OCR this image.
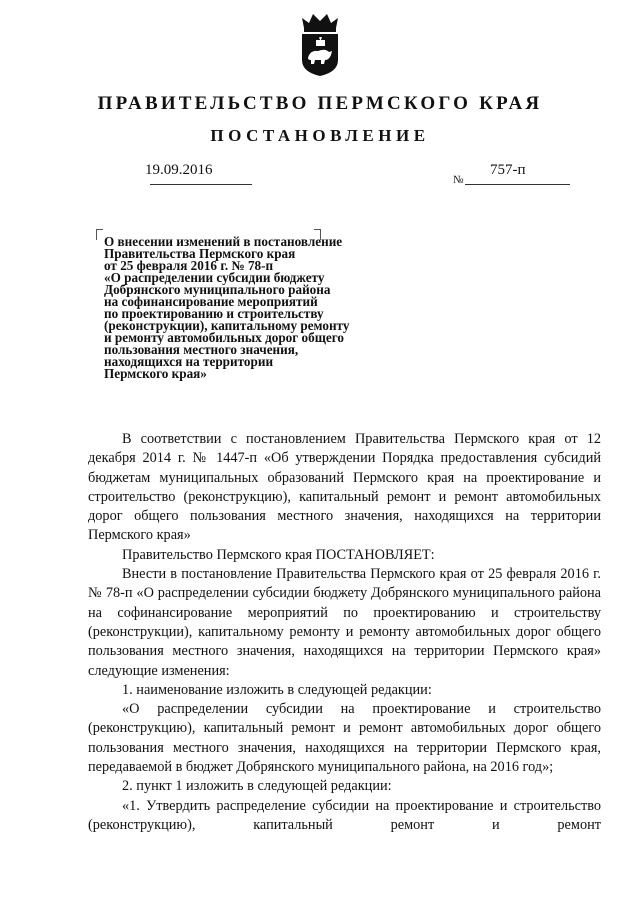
ПРАВИТЕЛЬСТВО ПЕРМСКОГО КРАЯ
ПОСТАНОВЛЕНИЕ
19.09.2016
№
757-п
О внесении изменений в постановление
Правительства Пермского края
от 25 февраля 2016 г. № 78-п
«О распределении субсидии бюджету
Добрянского муниципального района
на софинансирование мероприятий
по проектированию и строительству
(реконструкции), капитальному ремонту
и ремонту автомобильных дорог общего
пользования местного значения,
находящихся на территории
Пермского края»

В соответствии с постановлением Правительства Пермского края от 12 декабря 2014 г. № 1447-п «Об утверждении Порядка предоставления субсидий бюджетам муниципальных образований Пермского края на проектирование и строительство (реконструкцию), капитальный ремонт и ремонт автомобильных дорог общего пользования местного значения, находящихся на территории Пермского края»

Правительство Пермского края ПОСТАНОВЛЯЕТ:

Внести в постановление Правительства Пермского края от 25 февраля 2016 г. № 78-п «О распределении субсидии бюджету Добрянского муниципального района на софинансирование мероприятий по проектированию и строительству (реконструкции), капитальному ремонту и ремонту автомобильных дорог общего пользования местного значения, находящихся на территории Пермского края» следующие изменения:

1. наименование изложить в следующей редакции:

«О распределении субсидии на проектирование и строительство (реконструкцию), капитальный ремонт и ремонт автомобильных дорог общего пользования местного значения, находящихся на территории Пермского края, передаваемой в бюджет Добрянского муниципального района, на 2016 год»;

2. пункт 1 изложить в следующей редакции:

«1. Утвердить распределение субсидии на проектирование и строительство (реконструкцию), капитальный ремонт и ремонт
